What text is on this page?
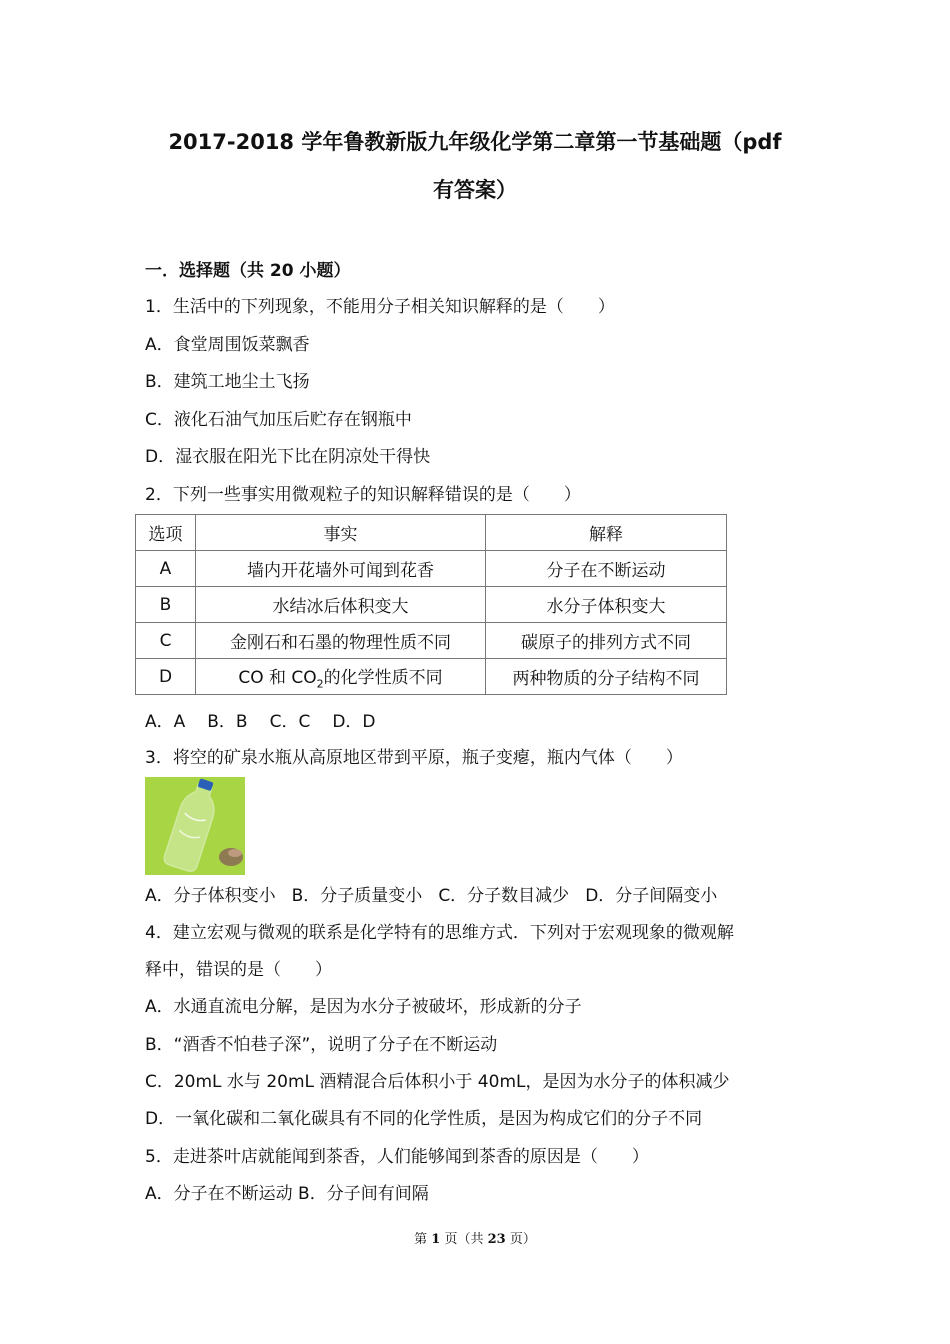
2017-2018 学年鲁教新版九年级化学第二章第一节基础题（pdf
有答案）
一．选择题（共 20 小题）
1．生活中的下列现象，不能用分子相关知识解释的是（　　）
A．食堂周围饭菜飘香
B．建筑工地尘土飞扬
C．液化石油气加压后贮存在钢瓶中
D．湿衣服在阳光下比在阴凉处干得快
2．下列一些事实用微观粒子的知识解释错误的是（　　）
选项	事实	解释
A	墙内开花墙外可闻到花香	分子在不断运动
B	水结冰后体积变大	水分子体积变大
C	金刚石和石墨的物理性质不同	碳原子的排列方式不同
D	CO 和 $CO_2$的化学性质不同	两种物质的分子结构不同
A．A B．B C．C D．D
3．将空的矿泉水瓶从高原地区带到平原，瓶子变瘪，瓶内气体（　　）
A．分子体积变小 B．分子质量变小 C．分子数目减少 D．分子间隔变小
4．建立宏观与微观的联系是化学特有的思维方式．下列对于宏观现象的微观解
释中，错误的是（　　）
A．水通直流电分解，是因为水分子被破坏，形成新的分子
B．“酒香不怕巷子深”，说明了分子在不断运动
C．20mL 水与 20mL 酒精混合后体积小于 40mL，是因为水分子的体积减少
D．一氧化碳和二氧化碳具有不同的化学性质，是因为构成它们的分子不同
5．走进茶叶店就能闻到茶香，人们能够闻到茶香的原因是（　　）
A．分子在不断运动 B．分子间有间隔
第 1 页（共 23 页）
